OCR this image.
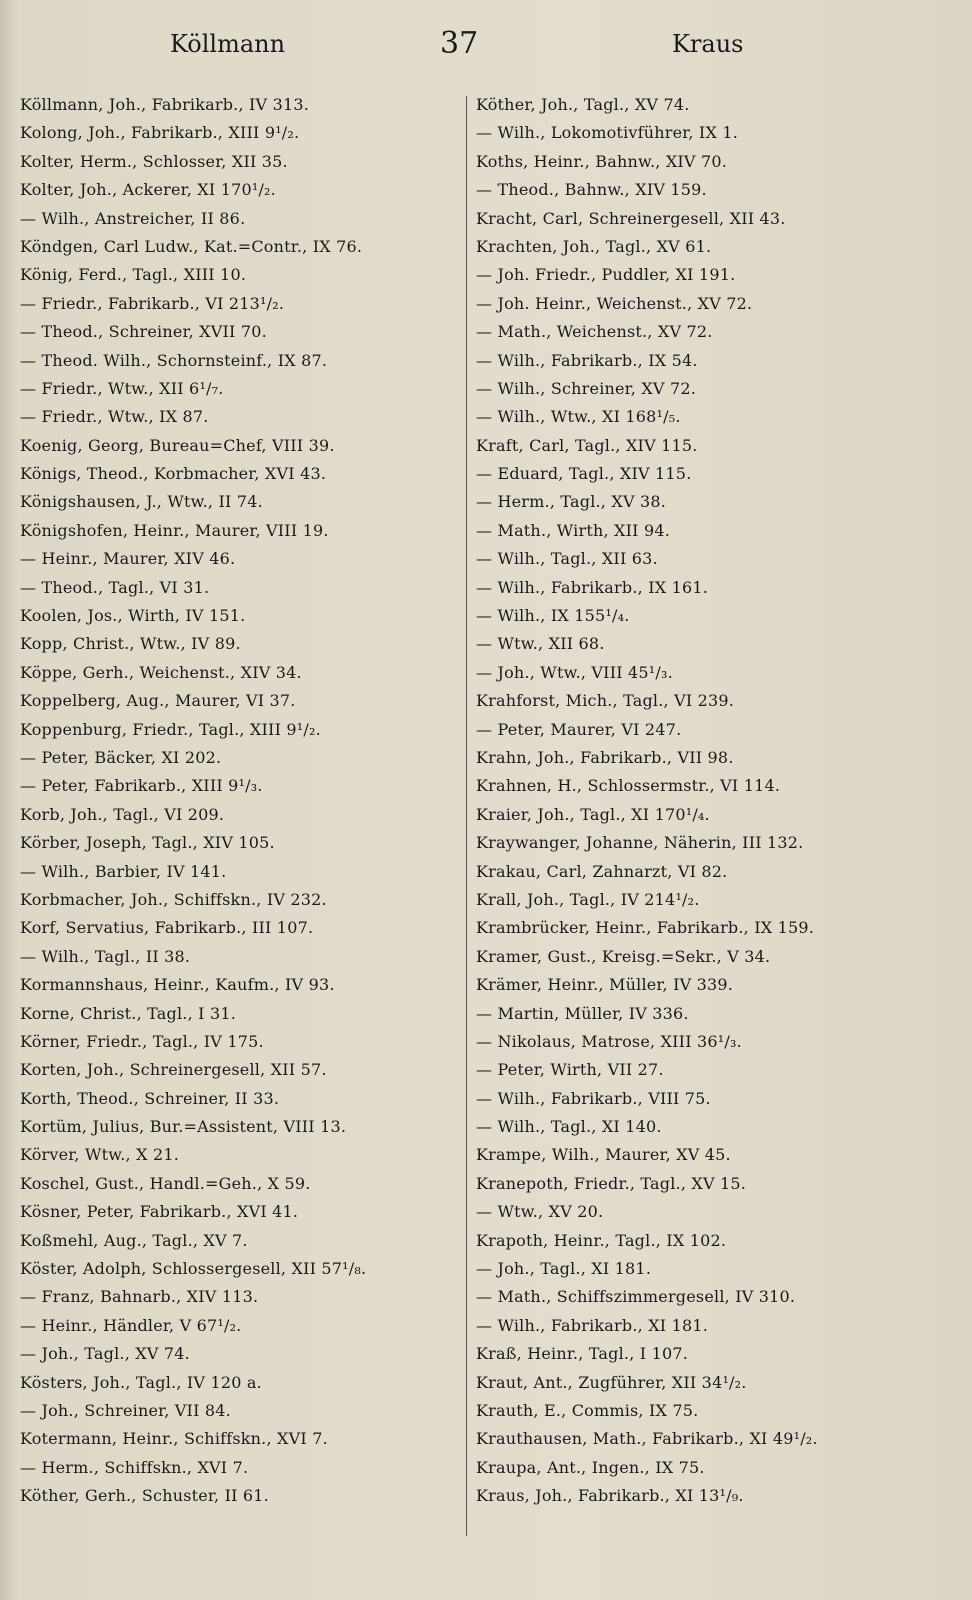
Köllmann	37	Kraus
Köllmann, Joh., Fabrikarb., IV 313.
Kolong, Joh., Fabrikarb., XIII 9¹/₂.
Kolter, Herm., Schlosser, XII 35.
Kolter, Joh., Ackerer, XI 170¹/₂.
— Wilh., Anstreicher, II 86.
Köndgen, Carl Ludw., Kat.=Contr., IX 76.
König, Ferd., Tagl., XIII 10.
— Friedr., Fabrikarb., VI 213¹/₂.
— Theod., Schreiner, XVII 70.
— Theod. Wilh., Schornsteinf., IX 87.
— Friedr., Wtw., XII 6¹/₇.
— Friedr., Wtw., IX 87.
Koenig, Georg, Bureau=Chef, VIII 39.
Königs, Theod., Korbmacher, XVI 43.
Königshausen, J., Wtw., II 74.
Königshofen, Heinr., Maurer, VIII 19.
— Heinr., Maurer, XIV 46.
— Theod., Tagl., VI 31.
Koolen, Jos., Wirth, IV 151.
Kopp, Christ., Wtw., IV 89.
Köppe, Gerh., Weichenst., XIV 34.
Koppelberg, Aug., Maurer, VI 37.
Koppenburg, Friedr., Tagl., XIII 9¹/₂.
— Peter, Bäcker, XI 202.
— Peter, Fabrikarb., XIII 9¹/₃.
Korb, Joh., Tagl., VI 209.
Körber, Joseph, Tagl., XIV 105.
— Wilh., Barbier, IV 141.
Korbmacher, Joh., Schiffskn., IV 232.
Korf, Servatius, Fabrikarb., III 107.
— Wilh., Tagl., II 38.
Kormannshaus, Heinr., Kaufm., IV 93.
Korne, Christ., Tagl., I 31.
Körner, Friedr., Tagl., IV 175.
Korten, Joh., Schreinergesell, XII 57.
Korth, Theod., Schreiner, II 33.
Kortüm, Julius, Bur.=Assistent, VIII 13.
Körver, Wtw., X 21.
Koschel, Gust., Handl.=Geh., X 59.
Kösner, Peter, Fabrikarb., XVI 41.
Koßmehl, Aug., Tagl., XV 7.
Köster, Adolph, Schlossergesell, XII 57¹/₈.
— Franz, Bahnarb., XIV 113.
— Heinr., Händler, V 67¹/₂.
— Joh., Tagl., XV 74.
Kösters, Joh., Tagl., IV 120 a.
— Joh., Schreiner, VII 84.
Kotermann, Heinr., Schiffskn., XVI 7.
— Herm., Schiffskn., XVI 7.
Köther, Gerh., Schuster, II 61.
Köther, Joh., Tagl., XV 74.
— Wilh., Lokomotivführer, IX 1.
Koths, Heinr., Bahnw., XIV 70.
— Theod., Bahnw., XIV 159.
Kracht, Carl, Schreinergesell, XII 43.
Krachten, Joh., Tagl., XV 61.
— Joh. Friedr., Puddler, XI 191.
— Joh. Heinr., Weichenst., XV 72.
— Math., Weichenst., XV 72.
— Wilh., Fabrikarb., IX 54.
— Wilh., Schreiner, XV 72.
— Wilh., Wtw., XI 168¹/₅.
Kraft, Carl, Tagl., XIV 115.
— Eduard, Tagl., XIV 115.
— Herm., Tagl., XV 38.
— Math., Wirth, XII 94.
— Wilh., Tagl., XII 63.
— Wilh., Fabrikarb., IX 161.
— Wilh., IX 155¹/₄.
— Wtw., XII 68.
— Joh., Wtw., VIII 45¹/₃.
Krahforst, Mich., Tagl., VI 239.
— Peter, Maurer, VI 247.
Krahn, Joh., Fabrikarb., VII 98.
Krahnen, H., Schlossermstr., VI 114.
Kraier, Joh., Tagl., XI 170¹/₄.
Kraywanger, Johanne, Näherin, III 132.
Krakau, Carl, Zahnarzt, VI 82.
Krall, Joh., Tagl., IV 214¹/₂.
Krambrücker, Heinr., Fabrikarb., IX 159.
Kramer, Gust., Kreisg.=Sekr., V 34.
Krämer, Heinr., Müller, IV 339.
— Martin, Müller, IV 336.
— Nikolaus, Matrose, XIII 36¹/₃.
— Peter, Wirth, VII 27.
— Wilh., Fabrikarb., VIII 75.
— Wilh., Tagl., XI 140.
Krampe, Wilh., Maurer, XV 45.
Kranepoth, Friedr., Tagl., XV 15.
— Wtw., XV 20.
Krapoth, Heinr., Tagl., IX 102.
— Joh., Tagl., XI 181.
— Math., Schiffszimmergesell, IV 310.
— Wilh., Fabrikarb., XI 181.
Kraß, Heinr., Tagl., I 107.
Kraut, Ant., Zugführer, XII 34¹/₂.
Krauth, E., Commis, IX 75.
Krauthausen, Math., Fabrikarb., XI 49¹/₂.
Kraupa, Ant., Ingen., IX 75.
Kraus, Joh., Fabrikarb., XI 13¹/₉.
